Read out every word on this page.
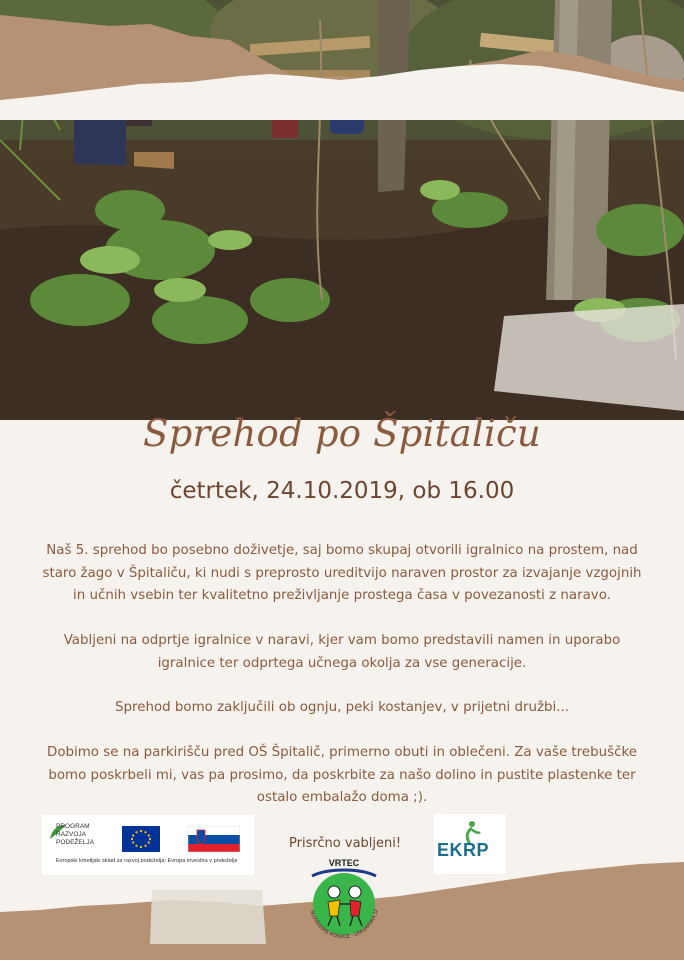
Sprehod po Špitaliču
četrtek, 24.10.2019, ob 16.00

Naš 5. sprehod bo posebno doživetje, saj bomo skupaj otvorili igralnico na prostem, nad staro žago v Špitaliču, ki nudi s preprosto ureditvijo naraven prostor za izvajanje vzgojnih in učnih vsebin ter kvalitetno preživljanje prostega časa v povezanosti z naravo.

Vabljeni na odprtje igralnice v naravi, kjer vam bomo predstavili namen in uporabo igralnice ter odprtega učnega okolja za vse generacije.

Sprehod bomo zaključili ob ognju, peki kostanjev, v prijetni družbi...

Dobimo se na parkirišču pred OŠ Špitalič, primerno obuti in oblečeni. Za vaše trebuščke bomo poskrbeli mi, vas pa prosimo, da poskrbite za našo dolino in pustite plastenke ter ostalo embalažo doma ;).

PROGRAM
RAZVOJA
PODEŽELJA
Evropski kmetijski sklad za razvoj podeželja: Evropa investira v podeželje
Prisrčno vabljeni! EKRP
VRTEC
SLOVENSKE KONJICE · USNJARSKA 12
